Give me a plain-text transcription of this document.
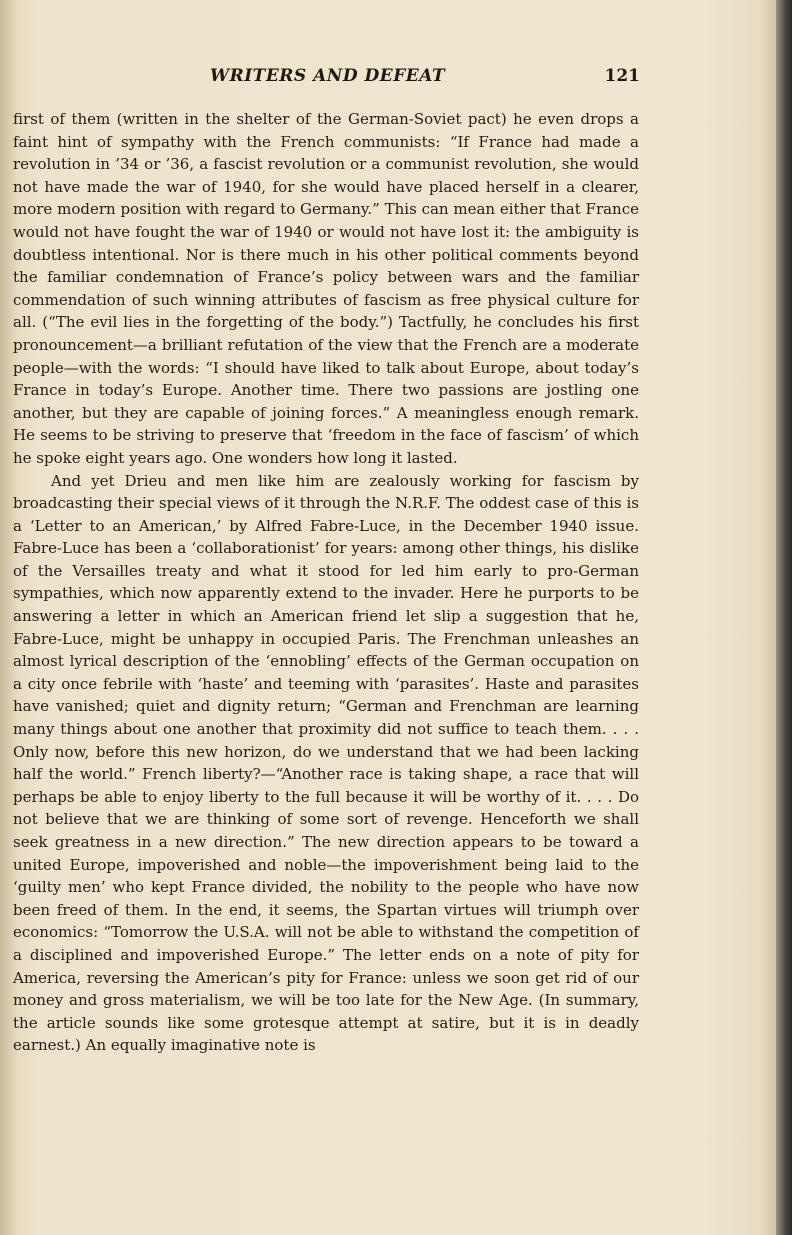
WRITERS AND DEFEAT	121

first of them (written in the shelter of the German-Soviet pact) he even drops a faint hint of sympathy with the French communists: “If France had made a revolution in ’34 or ’36, a fascist revolution or a communist revolution, she would not have made the war of 1940, for she would have placed herself in a clearer, more modern position with regard to Germany.” This can mean either that France would not have fought the war of 1940 or would not have lost it: the ambiguity is doubtless intentional. Nor is there much in his other political comments beyond the familiar condemnation of France’s policy between wars and the familiar commendation of such winning attributes of fascism as free physical culture for all. (“The evil lies in the forgetting of the body.”) Tactfully, he concludes his first pronouncement—a brilliant refutation of the view that the French are a moderate people—with the words: “I should have liked to talk about Europe, about today’s France in today’s Europe. Another time. There two passions are jostling one another, but they are capable of joining forces.” A meaningless enough remark. He seems to be striving to preserve that ‘freedom in the face of fascism’ of which he spoke eight years ago. One wonders how long it lasted.

And yet Drieu and men like him are zealously working for fascism by broadcasting their special views of it through the N.R.F. The oddest case of this is a ‘Letter to an American,’ by Alfred Fabre-Luce, in the December 1940 issue. Fabre-Luce has been a ‘collaborationist’ for years: among other things, his dislike of the Versailles treaty and what it stood for led him early to pro-German sympathies, which now apparently extend to the invader. Here he purports to be answering a letter in which an American friend let slip a suggestion that he, Fabre-Luce, might be unhappy in occupied Paris. The Frenchman unleashes an almost lyrical description of the ‘ennobling’ effects of the German occupation on a city once febrile with ‘haste’ and teeming with ‘parasites’. Haste and parasites have vanished; quiet and dignity return; “German and Frenchman are learning many things about one another that proximity did not suffice to teach them. . . . Only now, before this new horizon, do we understand that we had been lacking half the world.” French liberty?—“Another race is taking shape, a race that will perhaps be able to enjoy liberty to the full because it will be worthy of it. . . . Do not believe that we are thinking of some sort of revenge. Henceforth we shall seek greatness in a new direction.” The new direction appears to be toward a united Europe, impoverished and noble—the impoverishment being laid to the ‘guilty men’ who kept France divided, the nobility to the people who have now been freed of them. In the end, it seems, the Spartan virtues will triumph over economics: “Tomorrow the U.S.A. will not be able to withstand the competition of a disciplined and impoverished Europe.” The letter ends on a note of pity for America, reversing the American’s pity for France: unless we soon get rid of our money and gross materialism, we will be too late for the New Age. (In summary, the article sounds like some grotesque attempt at satire, but it is in deadly earnest.) An equally imaginative note is
